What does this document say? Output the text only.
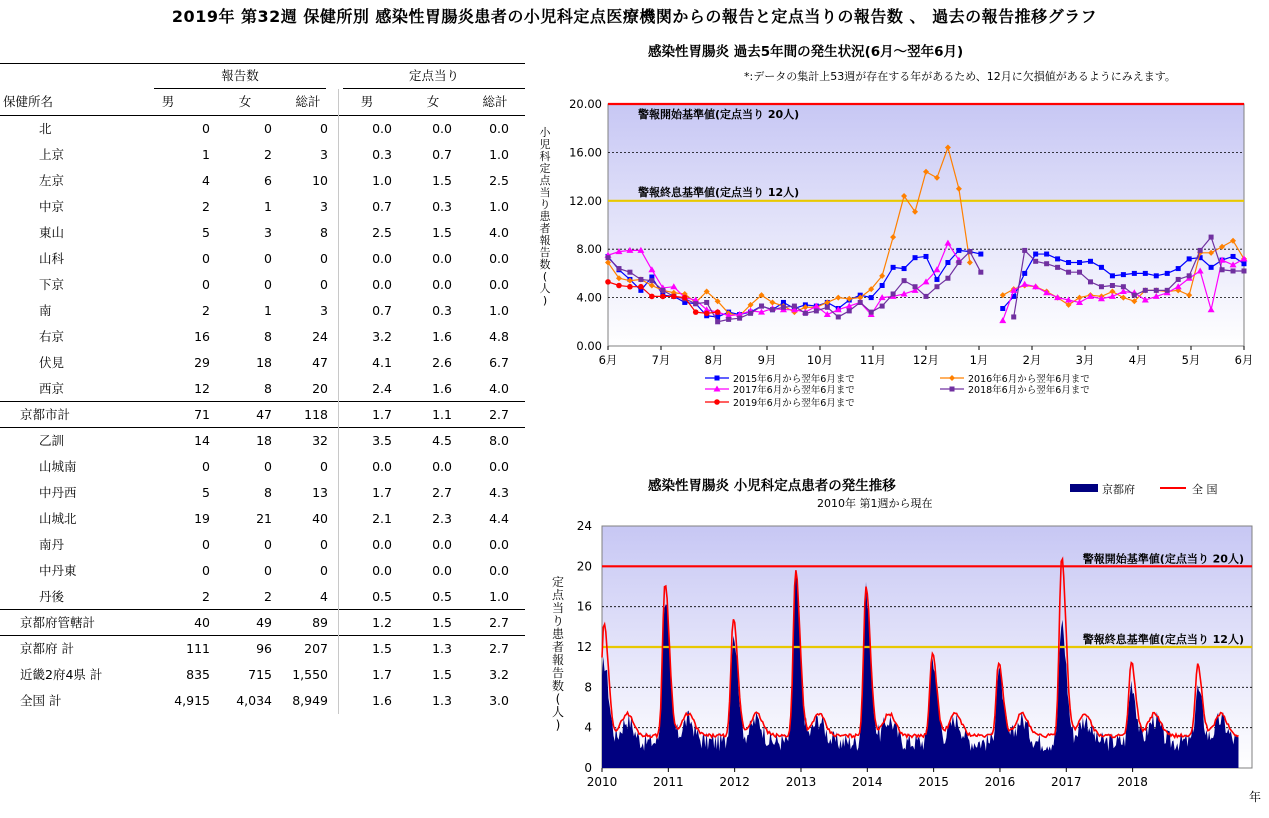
2019年 第32週 保健所別 感染性胃腸炎患者の小児科定点医療機関からの報告と定点当りの報告数 、 過去の報告推移グラフ
報告数	定点当り
保健所名	男	女	総計	男	女	総計
北	0	0	0	0.0	0.0	0.0
上京	1	2	3	0.3	0.7	1.0
左京	4	6	10	1.0	1.5	2.5
中京	2	1	3	0.7	0.3	1.0
東山	5	3	8	2.5	1.5	4.0
山科	0	0	0	0.0	0.0	0.0
下京	0	0	0	0.0	0.0	0.0
南	2	1	3	0.7	0.3	1.0
右京	16	8	24	3.2	1.6	4.8
伏見	29	18	47	4.1	2.6	6.7
西京	12	8	20	2.4	1.6	4.0
京都市計	71	47	118	1.7	1.1	2.7
乙訓	14	18	32	3.5	4.5	8.0
山城南	0	0	0	0.0	0.0	0.0
中丹西	5	8	13	1.7	2.7	4.3
山城北	19	21	40	2.1	2.3	4.4
南丹	0	0	0	0.0	0.0	0.0
中丹東	0	0	0	0.0	0.0	0.0
丹後	2	2	4	0.5	0.5	1.0
京都府管轄計	40	49	89	1.2	1.5	2.7
京都府 計	111	96	207	1.5	1.3	2.7
近畿2府4県 計	835	715	1,550	1.7	1.5	3.2
全国 計	4,915	4,034	8,949	1.6	1.3	3.0
感染性胃腸炎 過去5年間の発生状況(6月～翌年6月)
*:データの集計上53週が存在する年があるため、12月に欠損値があるようにみえます。
警報開始基準値(定点当り 20人)
警報終息基準値(定点当り 12人)
0.00
4.00
8.00
12.00
16.00
20.00
6月	7月	8月	9月	10月 11月 12月	1月	2月	3月	4月	5月	6月
小
児
科
定
点
当
り
患
者
報
告
数
(
人
)
2015年6月から翌年6月まで	2016年6月から翌年6月まで
2017年6月から翌年6月まで	2018年6月から翌年6月まで
2019年6月から翌年6月まで
感染性胃腸炎 小児科定点患者の発生推移
2010年 第1週から現在
警報開始基準値(定点当り 20人)
警報終息基準値(定点当り 12人)
0
4
8
12
16
20
24
2010	2011	2012	2013	2014	2015	2016	2017	2018
年
定
点
当
り
患
者
報
告
数
(
人
)
京都府	全 国
